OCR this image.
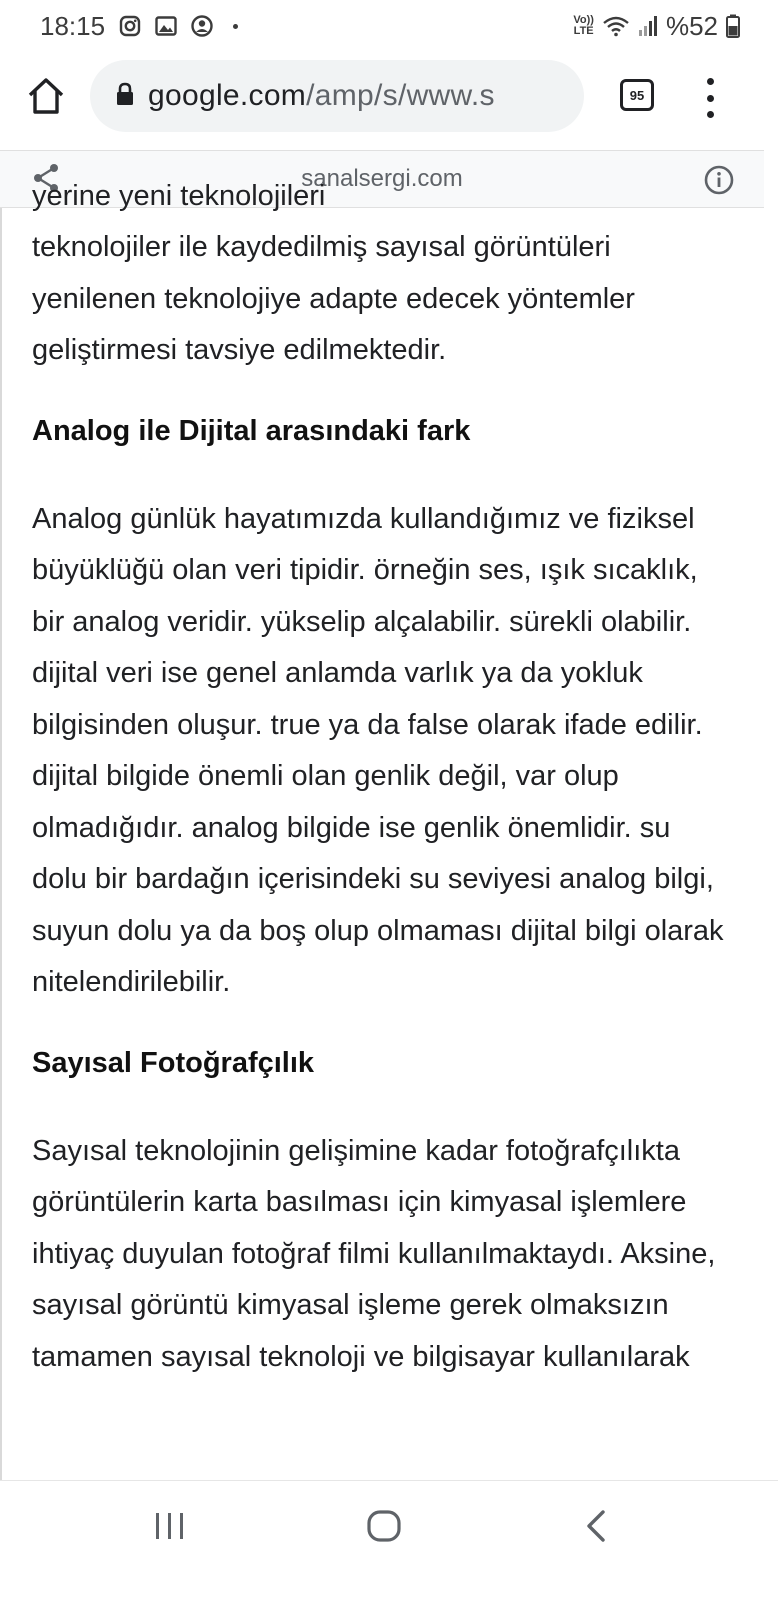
18:15	Vo))
LTE	%52
google.com/amp/s/www.s	95
sanalsergi.com
yerine yeni teknolojileri

teknolojiler ile kaydedilmiş sayısal görüntüleri yenilenen teknolojiye adapte edecek yöntemler geliştirmesi tavsiye edilmektedir.

Analog ile Dijital arasındaki fark

Analog günlük hayatımızda kullandığımız ve fiziksel büyüklüğü olan veri tipidir. örneğin ses, ışık sıcaklık, bir analog veridir. yükselip alçalabilir. sürekli olabilir. dijital veri ise genel anlamda varlık ya da yokluk bilgisinden oluşur. true ya da false olarak ifade edilir. dijital bilgide önemli olan genlik değil, var olup olmadığıdır. analog bilgide ise genlik önemlidir. su dolu bir bardağın içerisindeki su seviyesi analog bilgi, suyun dolu ya da boş olup olmaması dijital bilgi olarak nitelendirilebilir.

Sayısal Fotoğrafçılık

Sayısal teknolojinin gelişimine kadar fotoğrafçılıkta görüntülerin karta basılması için kimyasal işlemlere ihtiyaç duyulan fotoğraf filmi kullanılmaktaydı. Aksine, sayısal görüntü kimyasal işleme gerek olmaksızın tamamen sayısal teknoloji ve bilgisayar kullanılarak
